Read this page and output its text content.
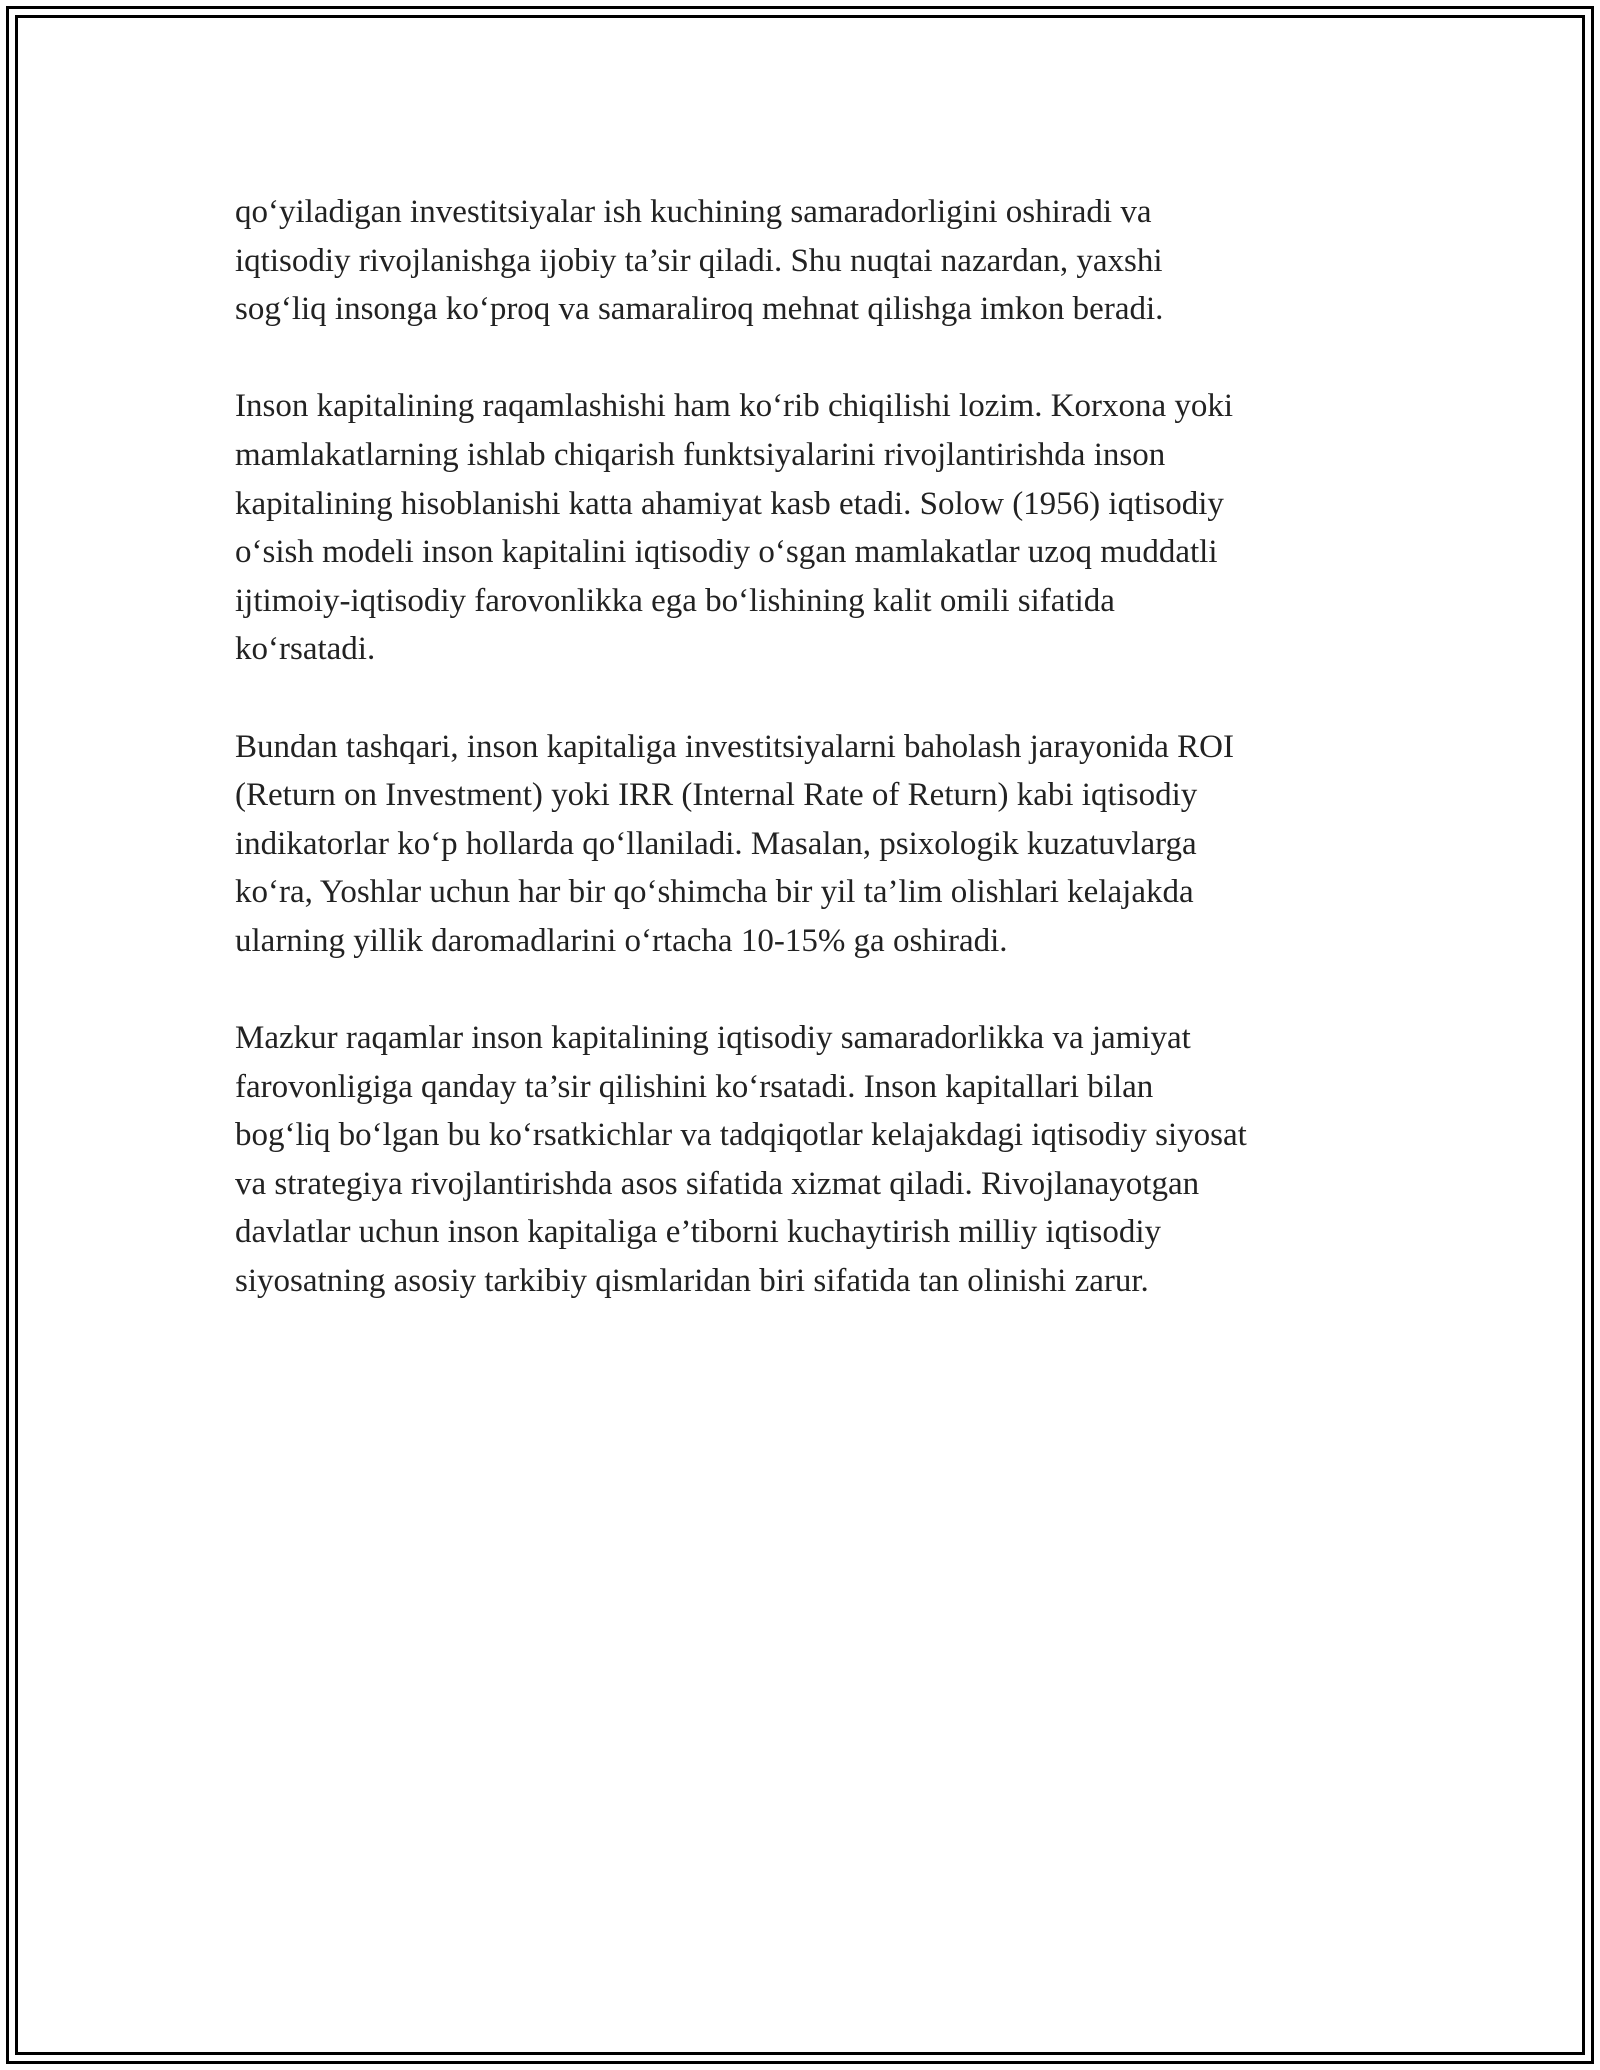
qo‘yiladigan investitsiyalar ish kuchining samaradorligini oshiradi va
iqtisodiy rivojlanishga ijobiy ta’sir qiladi. Shu nuqtai nazardan, yaxshi
sog‘liq insonga ko‘proq va samaraliroq mehnat qilishga imkon beradi.

Inson kapitalining raqamlashishi ham ko‘rib chiqilishi lozim. Korxona yoki
mamlakatlarning ishlab chiqarish funktsiyalarini rivojlantirishda inson
kapitalining hisoblanishi katta ahamiyat kasb etadi. Solow (1956) iqtisodiy
o‘sish modeli inson kapitalini iqtisodiy o‘sgan mamlakatlar uzoq muddatli
ijtimoiy-iqtisodiy farovonlikka ega bo‘lishining kalit omili sifatida
ko‘rsatadi.

Bundan tashqari, inson kapitaliga investitsiyalarni baholash jarayonida ROI
(Return on Investment) yoki IRR (Internal Rate of Return) kabi iqtisodiy
indikatorlar ko‘p hollarda qo‘llaniladi. Masalan, psixologik kuzatuvlarga
ko‘ra, Yoshlar uchun har bir qo‘shimcha bir yil ta’lim olishlari kelajakda
ularning yillik daromadlarini o‘rtacha 10-15% ga oshiradi.

Mazkur raqamlar inson kapitalining iqtisodiy samaradorlikka va jamiyat
farovonligiga qanday ta’sir qilishini ko‘rsatadi. Inson kapitallari bilan
bog‘liq bo‘lgan bu ko‘rsatkichlar va tadqiqotlar kelajakdagi iqtisodiy siyosat
va strategiya rivojlantirishda asos sifatida xizmat qiladi. Rivojlanayotgan
davlatlar uchun inson kapitaliga e’tiborni kuchaytirish milliy iqtisodiy
siyosatning asosiy tarkibiy qismlaridan biri sifatida tan olinishi zarur.
